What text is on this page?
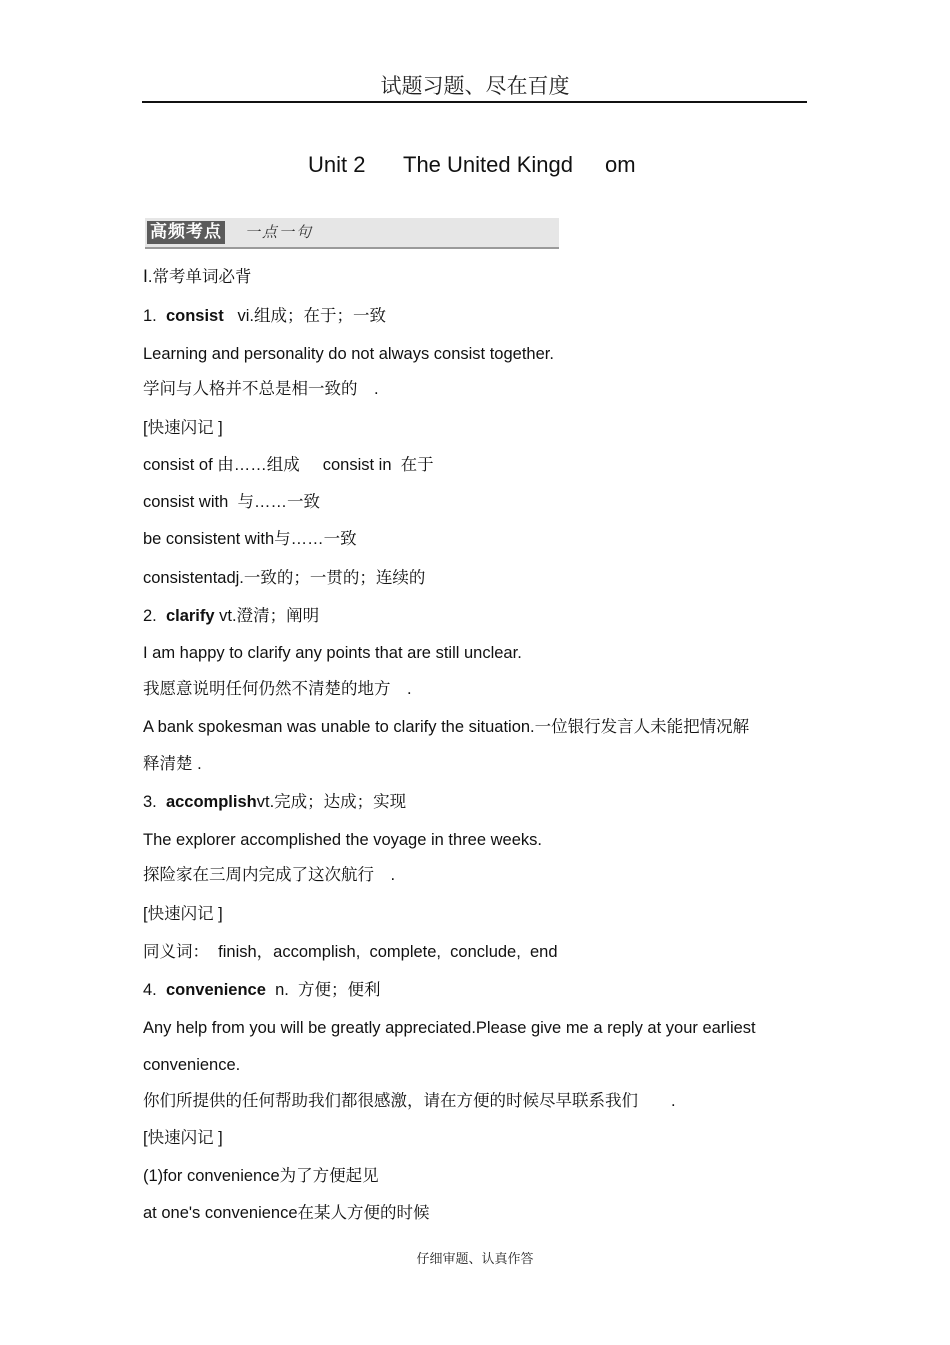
试题习题、尽在百度
Unit 2 The United Kingd om
高频考点 一点一句
Ⅰ.常考单词必背
1. consist vi.组成；在于；一致
Learning and personality do not always consist together.
学问与人格并不总是相一致的　.
[快速闪记 ]
consist of 由……组成 consist in  在于
consist with  与……一致
be consistent with与……一致
consistentadj.一致的；一贯的；连续的
2. clarify vt.澄清；阐明
I am happy to clarify any points that are still unclear.
我愿意说明任何仍然不清楚的地方　.
A bank spokesman was unable to clarify the situation.一位银行发言人未能把情况解
释清楚 .
3. accomplishvt.完成；达成；实现
The explorer accomplished the voyage in three weeks.
探险家在三周内完成了这次航行　.
[快速闪记 ]
同义词：  finish，accomplish,  complete,  conclude,  end
4. convenience  n.  方便；便利
Any help from you will be greatly appreciated.Please give me a reply at your earliest
convenience.
你们所提供的任何帮助我们都很感激，请在方便的时候尽早联系我们　　.
[快速闪记 ]
(1)for convenience为了方便起见
at one's convenience在某人方便的时候
仔细审题、认真作答
